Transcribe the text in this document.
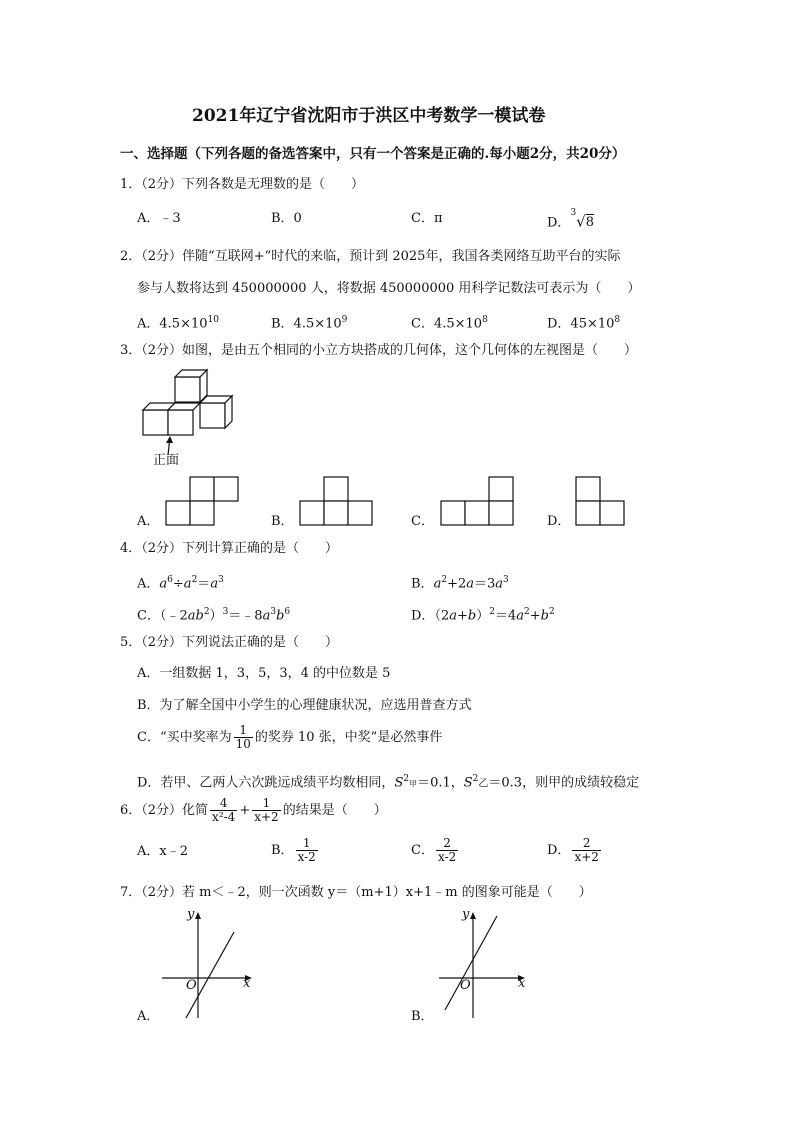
2021年辽宁省沈阳市于洪区中考数学一模试卷
一、选择题（下列各题的备选答案中，只有一个答案是正确的.每小题2分，共20分）
1．（2分）下列各数是无理数的是（　　）
A．﹣3	B．0	C．π	D．$^3$√8
2．（2分）伴随“互联网+”时代的来临，预计到 2025年，我国各类网络互助平台的实际
参与人数将达到 450000000 人，将数据 450000000 用科学记数法可表示为（　　）
A．$4.5\times 10^{10}$	B．$4.5\times 10^9$	C．$4.5\times 10^8$	D．$45\times 10^8$
3．（2分）如图，是由五个相同的小立方块搭成的几何体，这个几何体的左视图是（　　）
正面
A．	B．	C．	D．
4．（2分）下列计算正确的是（　　）
A．$a^6\div a^2=a^3$	B．$a^2+2a=3a^3$
C．$(﹣2ab^2)^3=﹣8a^3b^6$	D．$(2a+b)^2=4a^2+b^2$
5．（2分）下列说法正确的是（　　）
A．一组数据 1，3，5，3，4 的中位数是 5
B．为了解全国中小学生的心理健康状况，应选用普查方式
C．“买中奖率为 $\frac{1}{10}$ 的奖券 10 张，中奖”是必然事件
D．若甲、乙两人六次跳远成绩平均数相同，$S^2$甲＝0.1，$S^2$乙＝0.3，则甲的成绩较稳定
6．（2分）化简 $\frac{4}{\text{x²-4}} + \frac{1}{x+2}$ 的结果是（　　）
A．x﹣2	B． $\frac{1}{x-2}$	C． $\frac{2}{x-2}$	D． $\frac{2}{x+2}$
7．（2分）若 m＜﹣2，则一次函数 y＝（m+1）x+1﹣m 的图象可能是（　　）
y
x
O
A．
y
x
O
B．
